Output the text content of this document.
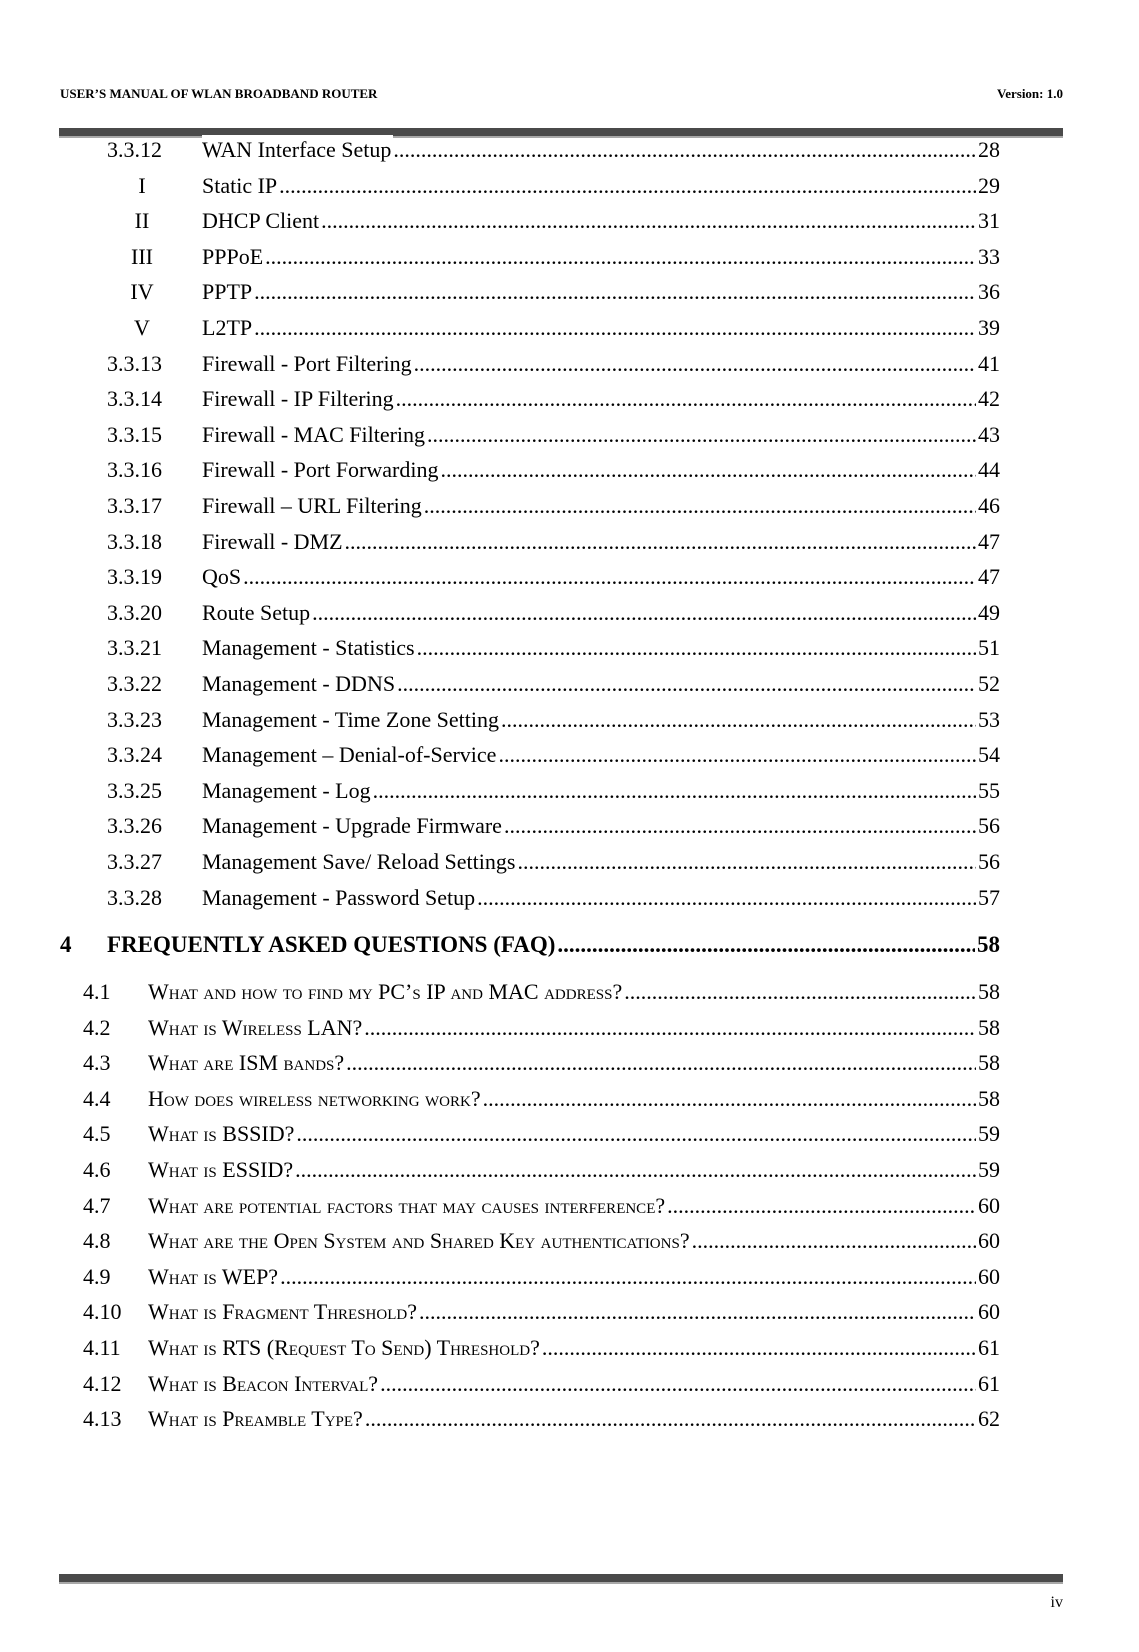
USER’S MANUAL OF WLAN BROADBAND ROUTER	Version: 1.0
3.3.12	WAN Interface Setup .....	28
I	Static IP .....	29
II	DHCP Client .....	31
III	PPPoE .....	33
IV	PPTP .....	36
V	L2TP .....	39
3.3.13	Firewall - Port Filtering .....	41
3.3.14	Firewall - IP Filtering .....	42
3.3.15	Firewall - MAC Filtering .....	43
3.3.16	Firewall - Port Forwarding .....	44
3.3.17	Firewall – URL Filtering .....	46
3.3.18	Firewall - DMZ .....	47
3.3.19	QoS .....	47
3.3.20	Route Setup .....	49
3.3.21	Management - Statistics .....	51
3.3.22	Management - DDNS .....	52
3.3.23	Management - Time Zone Setting .....	53
3.3.24	Management – Denial-of-Service .....	54
3.3.25	Management - Log .....	55
3.3.26	Management - Upgrade Firmware .....	56
3.3.27	Management Save/ Reload Settings .....	56
3.3.28	Management - Password Setup .....	57
4 FREQUENTLY ASKED QUESTIONS (FAQ) .....	58
4.1 What and how to find my PC’s IP and MAC address? .....	58
4.2 What is Wireless LAN? .....	58
4.3 What are ISM bands? .....	58
4.4 How does wireless networking work? .....	58
4.5 What is BSSID? .....	59
4.6 What is ESSID? .....	59
4.7 What are potential factors that may causes interference? .....	60
4.8 What are the Open System and Shared Key authentications? .....	60
4.9 What is WEP? .....	60
4.10 What is Fragment Threshold? .....	60
4.11 What is RTS (Request To Send) Threshold? .....	61
4.12 What is Beacon Interval? .....	61
4.13 What is Preamble Type? .....	62
iv
